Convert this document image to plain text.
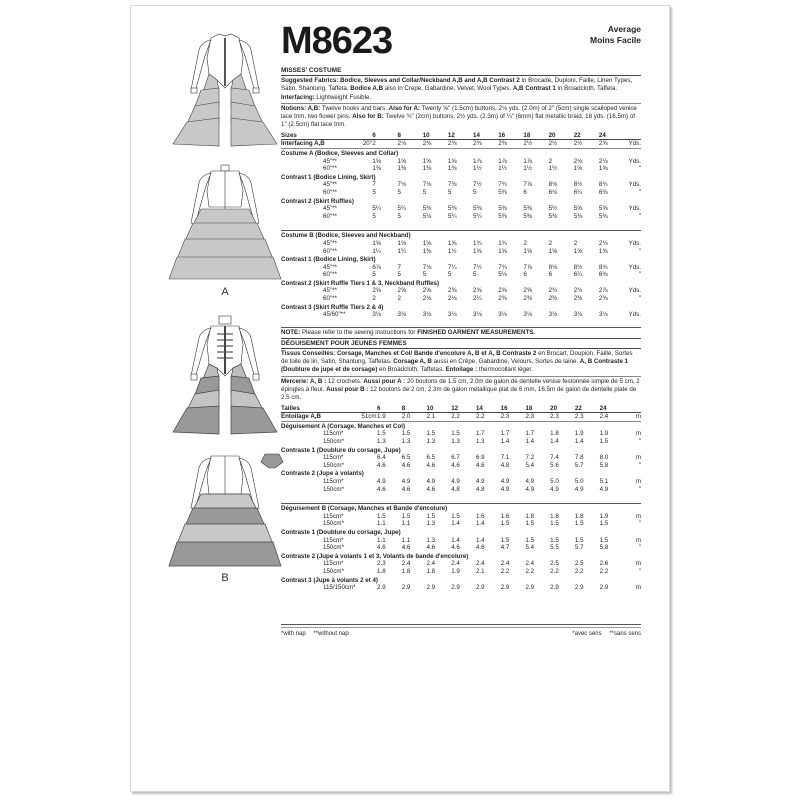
A
B
M8623	Average
Moins Facile
MISSES' COSTUME
Suggested Fabrics: Bodice, Sleeves and Collar/Neckband A,B and A,B Contrast 2 in Brocade, Dupioni, Faille, Linen Types, Satin, Shantung, Taffeta. Bodice A,B also in Crepe, Gabardine, Velvet, Wool Types. A,B Contrast 1 in Broadcloth, Taffeta. Interfacing: Lightweight Fusible.
Notions: A,B: Twelve hooks and bars. Also for A: Twenty ⅝" (1.5cm) buttons, 2⅛ yds. (2.0m) of 2" (5cm) single scalloped venice lace trim, two flower pins. Also for B: Twelve ¾" (2cm) buttons, 2½ yds. (2.3m) of ¼" (6mm) flat metallic braid, 18 yds. (16.5m) of 1" (2.5cm) flat lace trim.
Sizes		6	8	10	12	14	16	18	20	22	24	
Interfacing A,B	20"	2	2⅛	2⅜	2⅜	2⅜	2⅜	2½	2½	2½	2⅝	Yds.
Costume A (Bodice, Sleeves and Collar)												
45"**		1⅝	1⅝	1⅝	1⅝	1⅞	1⅞	1⅞	2	2⅛	2⅛	Yds.
60"**		1⅜	1⅜	1⅜	1⅜	1½	1½	1½	1½	1⅝	1⅝	"
Contrast 1 (Bodice Lining, Skirt)												
45"**		7	7⅛	7⅛	7⅜	7½	7¾	7⅞	8⅛	8½	8¾	Yds.
60"**		5	5	5	5	5	5⅜	6	6⅛	6¼	6⅜	"
Contrast 2 (Skirt Ruffles)												
45"**		5¼	5¼	5⅜	5⅜	5⅜	5⅜	5⅜	5½	5⅝	5⅝	Yds.
60"**		5	5	5⅛	5¼	5¼	5⅜	5⅜	5⅜	5⅜	5⅜	"

Costume B (Bodice, Sleeves and Neckband)												
45"**		1⅝	1⅝	1⅝	1⅝	1¾	1¾	2	2	2	2⅛	Yds.
60"**		1¼	1¼	1⅜	1½	1⅝	1⅝	1⅝	1⅝	1⅝	1⅝	"
Contrast 1 (Bodice Lining, Skirt)												
45"**		6⅞	7	7⅛	7¼	7½	7¾	7⅞	8⅛	8½	8¾	Yds.
60"**		5	5	5	5	5	5⅛	6	6	6¼	6⅜	"
Contrast 2 (Skirt Ruffle Tiers 1 & 3, Neckband Ruffles)												
45"**		2⅝	2⅝	2⅝	2⅝	2⅝	2⅝	2⅝	2¾	2¾	2⅞	Yds.
60"**		2	2	2⅛	2⅛	2¼	2⅜	2⅜	2⅜	2⅜	2⅜	"
Contrast 3 (Skirt Ruffle Tiers 2 & 4)												
45/60"**		3⅛	3⅛	3⅛	3⅛	3⅛	3⅛	3⅛	3⅛	3⅛	3⅛	Yds.
NOTE: Please refer to the sewing instructions for FINISHED GARMENT MEASUREMENTS.
DÉGUISEMENT POUR JEUNES FEMMES
Tissus Conseillés: Corsage, Manches et Col/ Bande d'encolure A, B et A, B Contraste 2 en Brocart, Doupion, Faille, Sortes de toile de lin, Satin, Shantung, Taffetas. Corsage A, B aussi en Crêpe, Gabardine, Velours, Sortes de laine. A, B Contraste 1 (Doublure de jupe et de corsage) en Broadcloth, Taffetas. Entoilage : thermocollant léger.
Mercerie: A, B : 12 crochets. Aussi pour A : 20 boutons de 1.5 cm, 2.0m de galon de dentelle venise festonnée simple de 5 cm, 2 épingles à fleur. Aussi pour B : 12 boutons de 2 cm, 2.3m de galon métallique plat de 6 mm, 16.5m de galon de dentelle plate de 2.5 cm.
Tailles		6	8	10	12	14	16	18	20	22	24	
Entoilage A,B	51cm	1.9	2.0	2.1	2.2	2.2	2.3	2.3	2.3	2.3	2.4	m
Déguisement A (Corsage, Manches et Col)												
115cm*		1.5	1.5	1.5	1.5	1.7	1.7	1.7	1.8	1.9	1.9	m
150cm*		1.3	1.3	1.3	1.3	1.3	1.4	1.4	1.4	1.4	1.5	"
Contraste 1 (Doublure du corsage, Jupe)												
115cm*		6.4	6.5	6.5	6.7	6.9	7.1	7.2	7.4	7.8	8.0	m
150cm*		4.6	4.6	4.6	4.6	4.6	4.8	5.4	5.6	5.7	5.8	"
Contraste 2 (Jupe à volants)												
115cm*		4.9	4.9	4.9	4.9	4.9	4.9	4.9	5.0	5.0	5.1	m
150cm*		4.6	4.6	4.6	4.8	4.8	4.9	4.9	4.9	4.9	4.9	"

Déguisement B (Corsage, Manches et Bande d'encolure)												
115cm*		1.5	1.5	1.5	1.5	1.6	1.6	1.8	1.8	1.8	1.9	m
150cm*		1.1	1.1	1.3	1.4	1.4	1.5	1.5	1.5	1.5	1.5	"
Contraste 1 (Doublure du corsage, Jupe)												
115cm*		1.1	1.1	1.3	1.4	1.4	1.5	1.5	1.5	1.5	1.5	m
150cm*		4.6	4.6	4.6	4.6	4.6	4.7	5.4	5.5	5.7	5.8	"
Contraste 2 (Jupe à volants 1 et 3, Volants de bande d'encolure)												
115cm*		2.3	2.4	2.4	2.4	2.4	2.4	2.4	2.5	2.5	2.6	m
150cm*		1.8	1.8	1.8	1.9	2.1	2.2	2.2	2.2	2.2	2.2	"
Contrast 3 (Jupe à volants 2 et 4)												
115/150cm*		2.9	2.9	2.9	2.9	2.9	2.9	2.9	2.9	2.9	2.9	m
*with nap **without nap	*avec sens **sans sens
